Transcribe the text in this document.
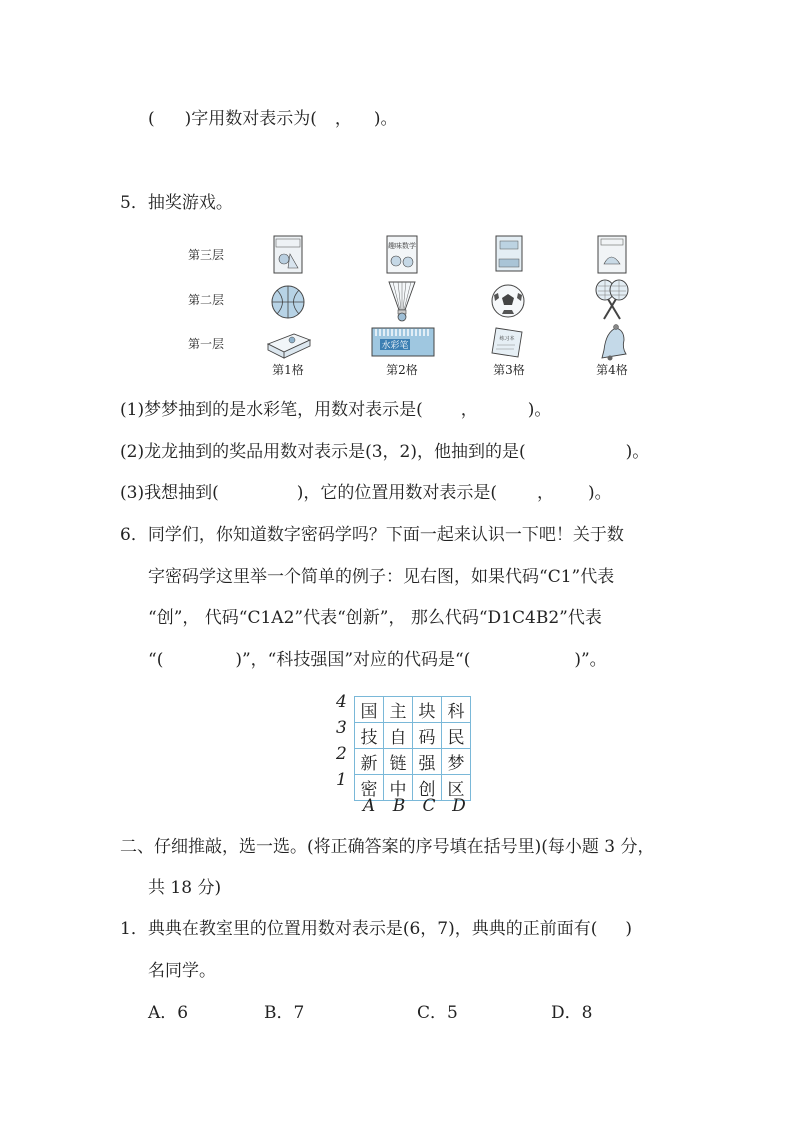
( )字用数对表示为( ， )。
5．抽奖游戏。
第三层
第二层
第一层
趣味数学
水彩笔
练习本
第1格	第2格	第3格	第4格
(1)梦梦抽到的是水彩笔，用数对表示是( ，	)。
(2)龙龙抽到的奖品用数对表示是(3，2)，他抽到的是(	)。
(3)我想抽到(	)，它的位置用数对表示是( ， )。
6．同学们，你知道数字密码学吗？下面一起来认识一下吧！关于数
字密码学这里举一个简单的例子：见右图，如果代码“C1”代表
“创”， 代码“C1A2”代表“创新”， 那么代码“D1C4B2”代表
“(	)”，“科技强国”对应的代码是“(	)”。
4
3
2
1
国	主	块	科
技	自	码	民
新	链	强	梦
密	中	创	区
A	B	C D
二、仔细推敲，选一选。(将正确答案的序号填在括号里)(每小题 3 分，
共 18 分)
1．典典在教室里的位置用数对表示是(6，7)，典典的正前面有( )
名同学。
A．6	B．7	C．5	D．8
